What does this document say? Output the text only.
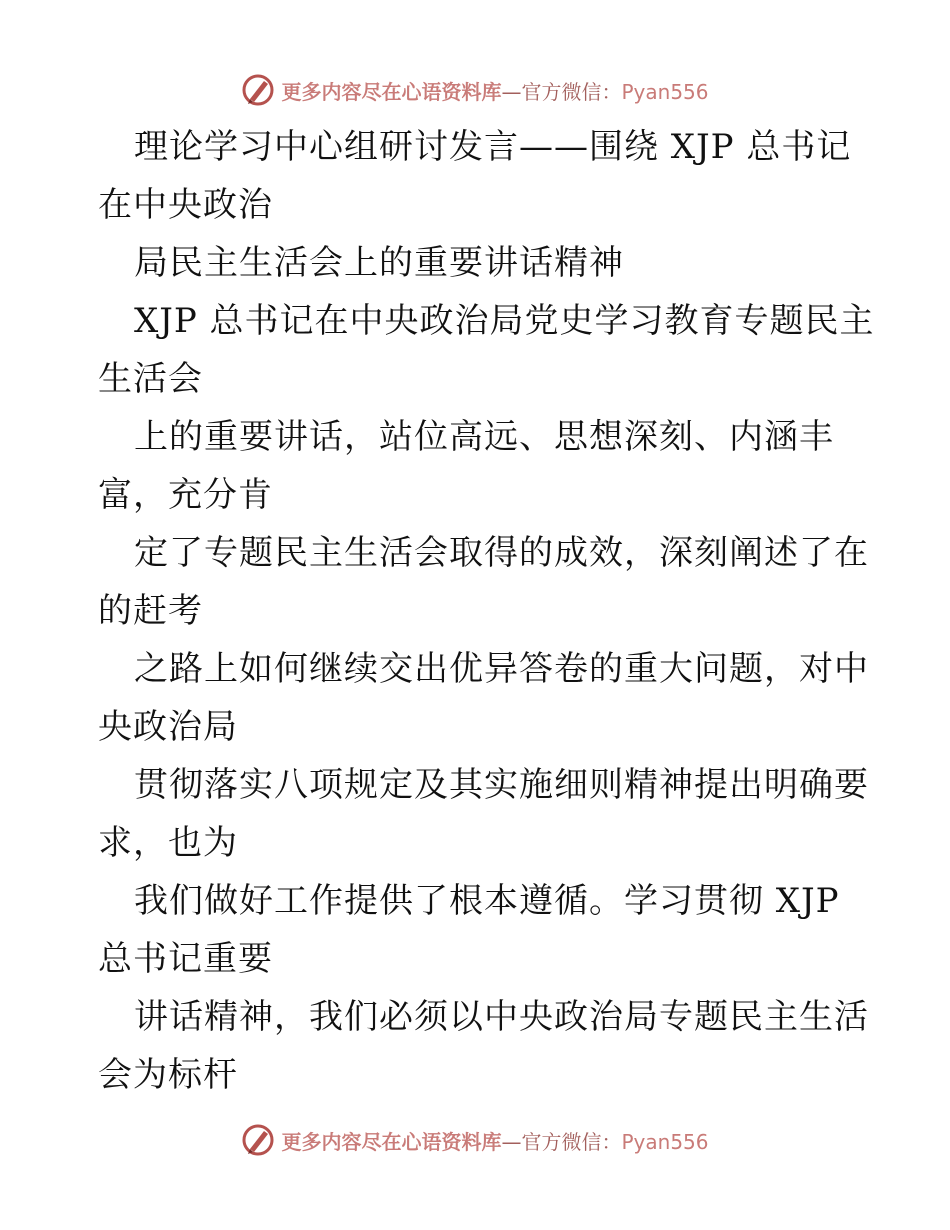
更多内容尽在心语资料库—官方微信：Pyan556
理论学习中心组研讨发言——围绕 XJP 总书记
在中央政治
局民主生活会上的重要讲话精神
XJP 总书记在中央政治局党史学习教育专题民主
生活会
上的重要讲话，站位高远、思想深刻、内涵丰
富，充分肯
定了专题民主生活会取得的成效，深刻阐述了在
的赶考
之路上如何继续交出优异答卷的重大问题，对中
央政治局
贯彻落实八项规定及其实施细则精神提出明确要
求，也为
我们做好工作提供了根本遵循。学习贯彻 XJP
总书记重要
讲话精神，我们必须以中央政治局专题民主生活
会为标杆
更多内容尽在心语资料库—官方微信：Pyan556
